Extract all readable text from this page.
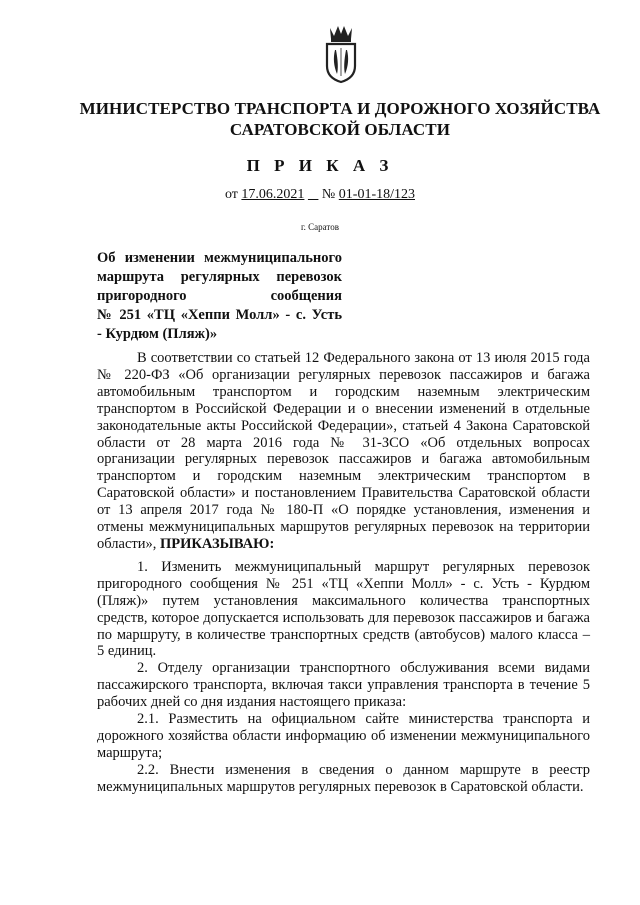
МИНИСТЕРСТВО ТРАНСПОРТА И ДОРОЖНОГО ХОЗЯЙСТВА
САРАТОВСКОЙ ОБЛАСТИ
П Р И К А З
от 17.06.2021 № 01-01-18/123
г. Саратов
Об изменении межмуниципального
маршрута регулярных перевозок
пригородного сообщения
№ 251 «ТЦ «Хеппи Молл» - с. Усть
- Курдюм (Пляж)»

В соответствии со статьей 12 Федерального закона от 13 июля 2015 года № 220-ФЗ «Об организации регулярных перевозок пассажиров и багажа автомобильным транспортом и городским наземным электрическим транспортом в Российской Федерации и о внесении изменений в отдельные законодательные акты Российской Федерации», статьей 4 Закона Саратовской области от 28 марта 2016 года № 31-ЗСО «Об отдельных вопросах организации регулярных перевозок пассажиров и багажа автомобильным транспортом и городским наземным электрическим транспортом в Саратовской области» и постановлением Правительства Саратовской области от 13 апреля 2017 года № 180-П «О порядке установления, изменения и отмены межмуниципальных маршрутов регулярных перевозок на территории области», ПРИКАЗЫВАЮ:

1. Изменить межмуниципальный маршрут регулярных перевозок пригородного сообщения № 251 «ТЦ «Хеппи Молл» - с. Усть - Курдюм (Пляж)» путем установления максимального количества транспортных средств, которое допускается использовать для перевозок пассажиров и багажа по маршруту, в количестве транспортных средств (автобусов) малого класса – 5 единиц.

2. Отделу организации транспортного обслуживания всеми видами пассажирского транспорта, включая такси управления транспорта в течение 5 рабочих дней со дня издания настоящего приказа:

2.1. Разместить на официальном сайте министерства транспорта и дорожного хозяйства области информацию об изменении межмуниципального маршрута;

2.2. Внести изменения в сведения о данном маршруте в реестр межмуниципальных маршрутов регулярных перевозок в Саратовской области.
